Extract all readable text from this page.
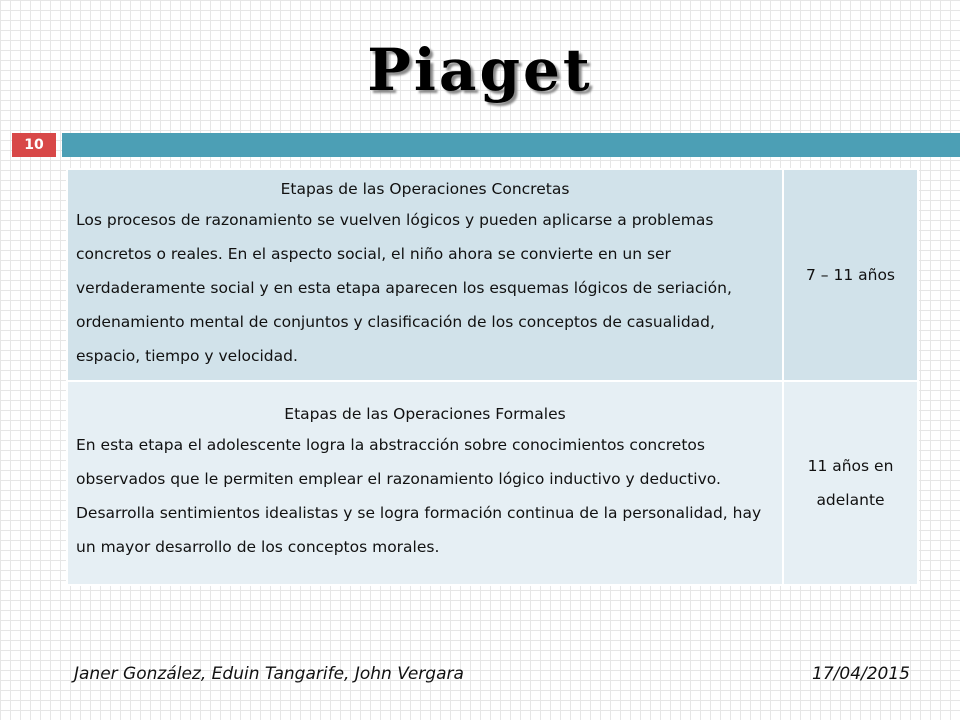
Piaget
10
Etapas de las Operaciones Concretas
Los procesos de razonamiento se vuelven lógicos y pueden aplicarse a problemas concretos o reales. En el aspecto social, el niño ahora se convierte en un ser verdaderamente social y en esta etapa aparecen los esquemas lógicos de seriación, ordenamiento mental de conjuntos y clasificación de los conceptos de casualidad, espacio, tiempo y velocidad.	7 – 11 años

Etapas de las Operaciones Formales
En esta etapa el adolescente logra la abstracción sobre conocimientos concretos observados que le permiten emplear el razonamiento lógico inductivo y deductivo. Desarrolla sentimientos idealistas y se logra formación continua de la personalidad, hay un mayor desarrollo de los conceptos morales.	11 años en adelante
Janer González, Eduin Tangarife, John Vergara	17/04/2015
